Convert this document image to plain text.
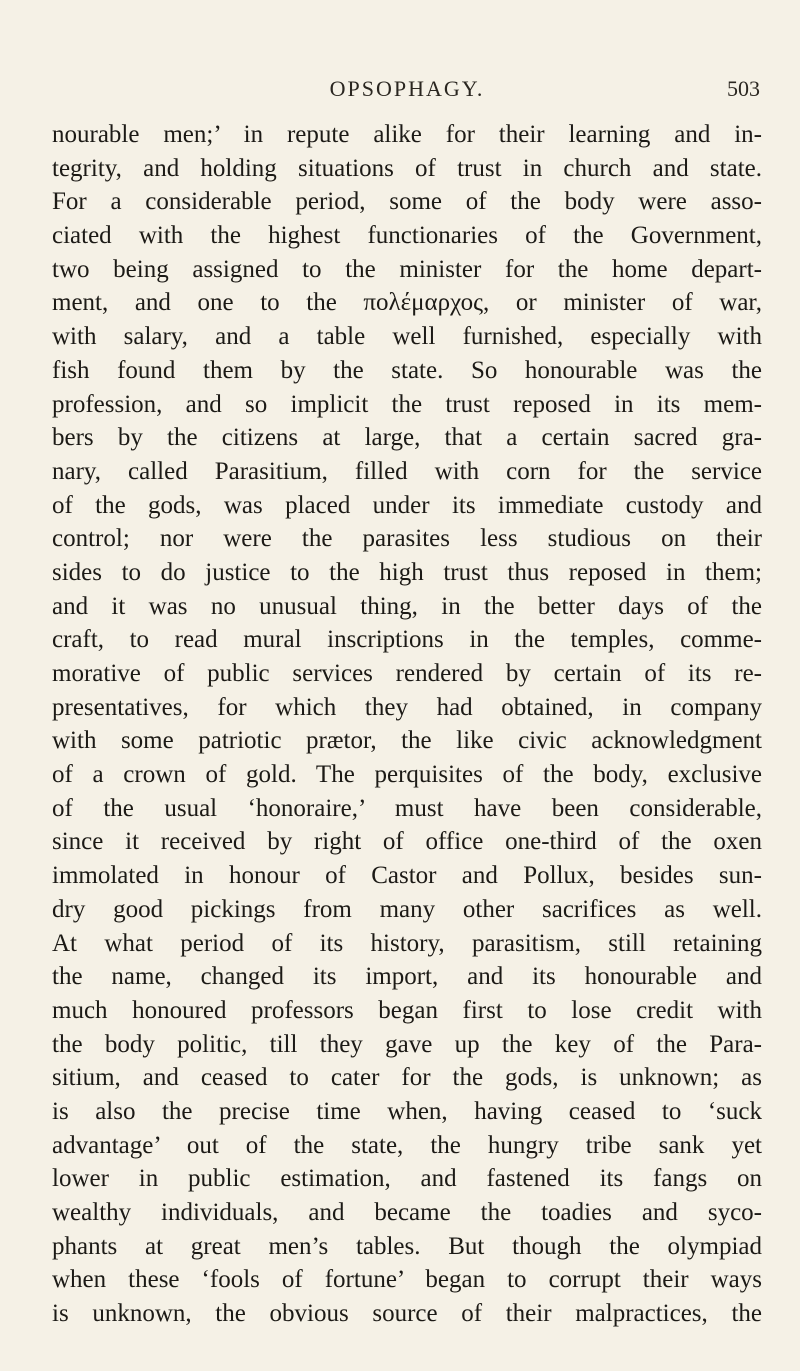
OPSOPHAGY.	503
nourable men;’ in repute alike for their learning and in-
tegrity, and holding situations of trust in church and state.
For a considerable period, some of the body were asso-
ciated with the highest functionaries of the Government,
two being assigned to the minister for the home depart-
ment, and one to the πολέμαρχος, or minister of war,
with salary, and a table well furnished, especially with
fish found them by the state. So honourable was the
profession, and so implicit the trust reposed in its mem-
bers by the citizens at large, that a certain sacred gra-
nary, called Parasitium, filled with corn for the service
of the gods, was placed under its immediate custody and
control; nor were the parasites less studious on their
sides to do justice to the high trust thus reposed in them;
and it was no unusual thing, in the better days of the
craft, to read mural inscriptions in the temples, comme-
morative of public services rendered by certain of its re-
presentatives, for which they had obtained, in company
with some patriotic prætor, the like civic acknowledgment
of a crown of gold. The perquisites of the body, exclusive
of the usual ‘honoraire,’ must have been considerable,
since it received by right of office one-third of the oxen
immolated in honour of Castor and Pollux, besides sun-
dry good pickings from many other sacrifices as well.
At what period of its history, parasitism, still retaining
the name, changed its import, and its honourable and
much honoured professors began first to lose credit with
the body politic, till they gave up the key of the Para-
sitium, and ceased to cater for the gods, is unknown; as
is also the precise time when, having ceased to ‘suck
advantage’ out of the state, the hungry tribe sank yet
lower in public estimation, and fastened its fangs on
wealthy individuals, and became the toadies and syco-
phants at great men’s tables. But though the olympiad
when these ‘fools of fortune’ began to corrupt their ways
is unknown, the obvious source of their malpractices, the
